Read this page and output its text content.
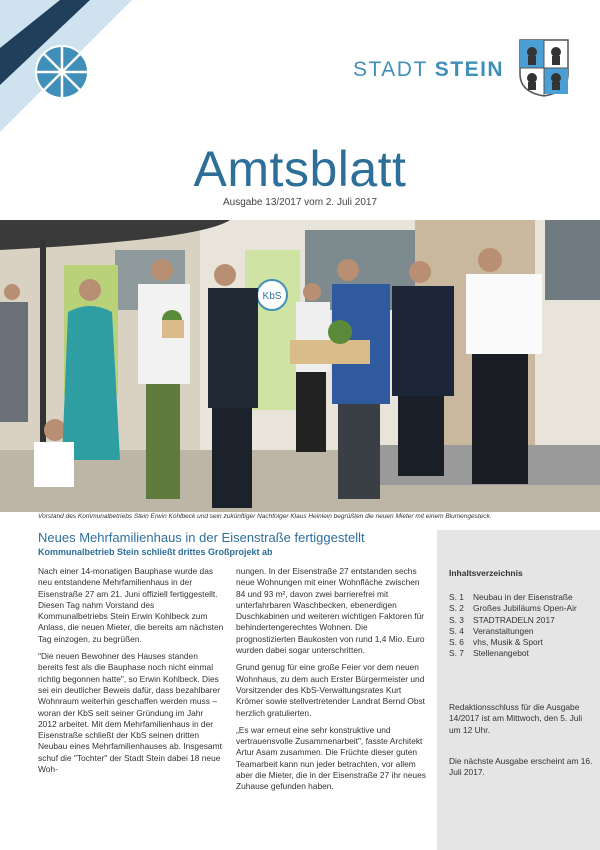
STADT STEIN
Amtsblatt
Ausgabe 13/2017 vom 2. Juli 2017
KbS
Vorstand des Kommunalbetriebs Stein Erwin Kohlbeck und sein zukünftiger Nachfolger Klaus Heinlein begrüßten die neuen Mieter mit einem Blumengesteck.
Neues Mehrfamilienhaus in der Eisenstraße fertiggestellt
Kommunalbetrieb Stein schließt drittes Großprojekt ab

Nach einer 14-monatigen Bauphase wurde das neu entstandene Mehrfamilienhaus in der Eisenstraße 27 am 21. Juni offiziell fertiggestellt. Diesen Tag nahm Vorstand des Kommunalbetriebs Stein Erwin Kohlbeck zum Anlass, die neuen Mieter, die bereits am nächsten Tag einzogen, zu begrüßen.

"Die neuen Bewohner des Hauses standen bereits fest als die Bauphase noch nicht einmal richtig begonnen hatte", so Erwin Kohlbeck. Dies sei ein deutlicher Beweis dafür, dass bezahlbarer Wohnraum weiterhin geschaffen werden muss – woran der KbS seit seiner Gründung im Jahr 2012 arbeitet. Mit dem Mehrfamilienhaus in der Eisenstraße schließt der KbS seinen dritten Neubau eines Mehrfamilienhauses ab. Insgesamt schuf die "Tochter" der Stadt Stein dabei 18 neue Woh-

nungen. In der Eisenstraße 27 entstanden sechs neue Wohnungen mit einer Wohnfläche zwischen 84 und 93 m², davon zwei barrierefrei mit unterfahrbaren Waschbecken, ebenerdigen Duschkabinen und weiteren wichtigen Faktoren für behindertengerechtes Wohnen. Die prognostizierten Baukosten von rund 1,4 Mio. Euro wurden dabei sogar unterschritten.

Grund genug für eine große Feier vor dem neuen Wohnhaus, zu dem auch Erster Bürgermeister und Vorsitzender des KbS-Verwaltungsrates Kurt Krömer sowie stellvertretender Landrat Bernd Obst herzlich gratulierten.

„Es war erneut eine sehr konstruktive und vertrauensvolle Zusammenarbeit", fasste Architekt Artur Asam zusammen. Die Früchte dieser guten Teamarbeit kann nun jeder betrachten, vor allem aber die Mieter, die in der Eisenstraße 27 ihr neues Zuhause gefunden haben.

Inhaltsverzeichnis
S. 1	Neubau in der Eisenstraße
S. 2	Großes Jubiläums Open-Air
S. 3	STADTRADELN 2017
S. 4	Veranstaltungen
S. 6	vhs, Musik & Sport
S. 7	Stellenangebot
Redaktionsschluss für die Ausgabe 14/2017 ist am Mittwoch, den 5. Juli um 12 Uhr.
Die nächste Ausgabe erscheint am 16. Juli 2017.
